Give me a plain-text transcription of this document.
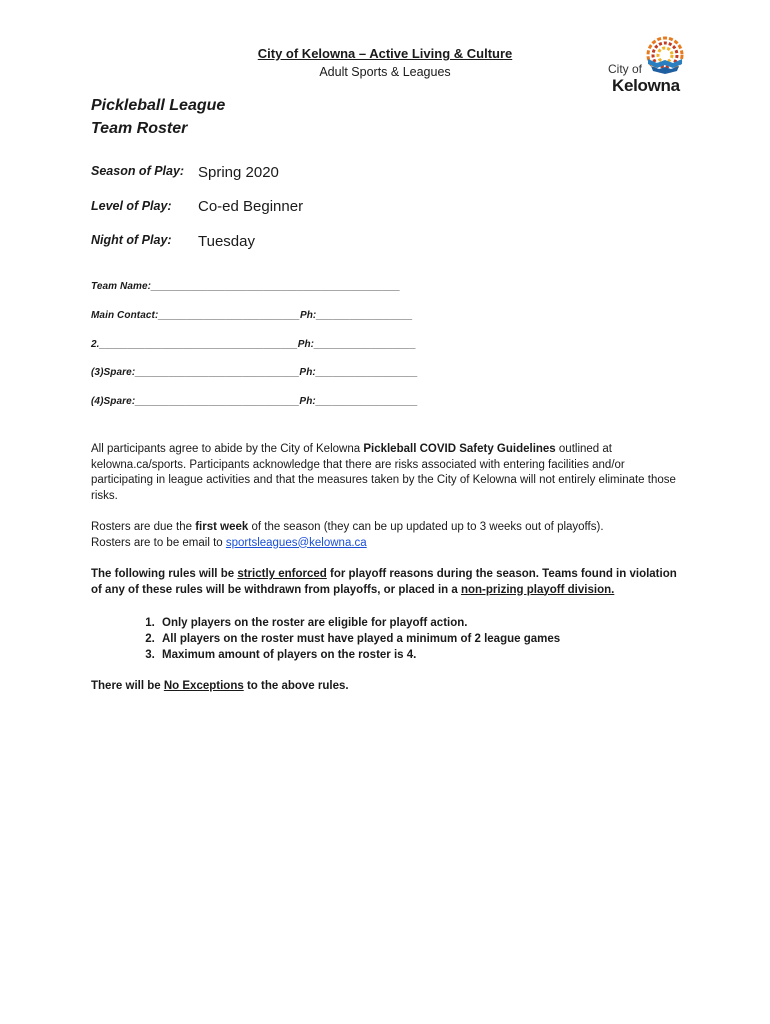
City of Kelowna – Active Living & Culture
Adult Sports & Leagues	City of
Kelowna
Pickleball League
Team Roster
Season of Play: Spring 2020
Level of Play: Co-ed Beginner
Night of Play: Tuesday
Team Name:____________________________________________
Main Contact:_________________________Ph:_________________
2.___________________________________Ph:__________________
(3)Spare:_____________________________Ph:__________________
(4)Spare:_____________________________Ph:__________________
All participants agree to abide by the City of Kelowna Pickleball COVID Safety Guidelines outlined at kelowna.ca/sports. Participants acknowledge that there are risks associated with entering facilities and/or participating in league activities and that the measures taken by the City of Kelowna will not entirely eliminate those risks.
Rosters are due the first week of the season (they can be up updated up to 3 weeks out of playoffs).
Rosters are to be email to sportsleagues@kelowna.ca
The following rules will be strictly enforced for playoff reasons during the season. Teams found in violation of any of these rules will be withdrawn from playoffs, or placed in a non-prizing playoff division.
1. Only players on the roster are eligible for playoff action.
2. All players on the roster must have played a minimum of 2 league games
3. Maximum amount of players on the roster is 4.
There will be No Exceptions to the above rules.
